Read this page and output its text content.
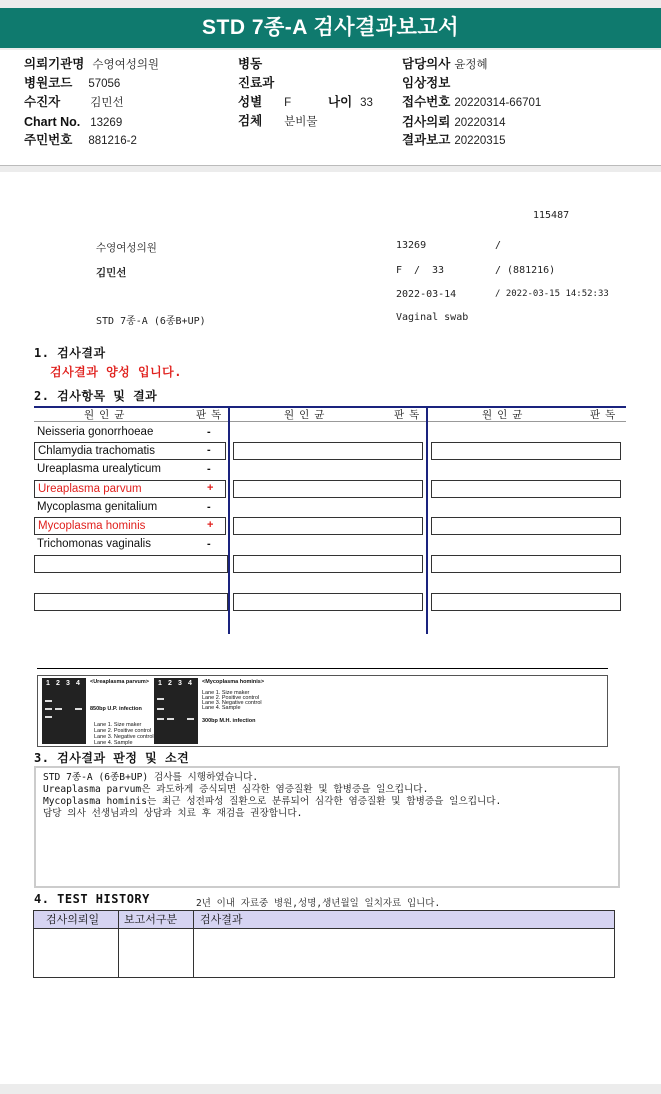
STD 7종-A 검사결과보고서
의뢰기관명 수영여성의원
병원코드 57056
수진자	김민선
Chart No. 13269
주민번호 881216-2
병동
진료과
성별 F	나이 33
검체 분비물
담당의사 윤정혜
임상정보
접수번호 20220314-66701
검사의뢰 20220314
결과보고 20220315
115487
수영여성의원	13269	/
김민선	F / 33	/ (881216)
2022-03-14	/ 2022-03-15 14:52:33
STD 7종-A (6종B+UP)	Vaginal swab
1. 검사결과
검사결과 양성 입니다.
2. 검사항목 및 결과
원인균	판독	원인균	판독	원인균	판독
Neisseria gonorrhoeae	-
Chlamydia trachomatis	-
Ureaplasma urealyticum	-
Ureaplasma parvum	+
Mycoplasma genitalium	-
Mycoplasma hominis	+
Trichomonas vaginalis	-
1 2 3 4 <Ureaplasma parvum>
850bp U.P. infection
Lane 1. Size maker
Lane 2. Positive control
Lane 3. Negative control
Lane 4. Sample
1 2 3 4 <Mycoplasma hominis>
Lane 1. Size maker
Lane 2. Positive control
Lane 3. Negative control
Lane 4. Sample
300bp M.H. infection
3. 검사결과 판정 및 소견

STD 7종-A (6종B+UP) 검사를 시행하였습니다.

Ureaplasma parvum은 과도하게 증식되면 심각한 염증질환 및 합병증을 일으킵니다.

Mycoplasma hominis는 최근 성전파성 질환으로 분류되어 심각한 염증질환 및 합병증을 일으킵니다.

담당 의사 선생님과의 상담과 치료 후 재검을 권장합니다.

4. TEST HISTORY	2년 이내 자료중 병원,성명,생년월일 일치자료 입니다.
검사의뢰일 보고서구분 검사결과
